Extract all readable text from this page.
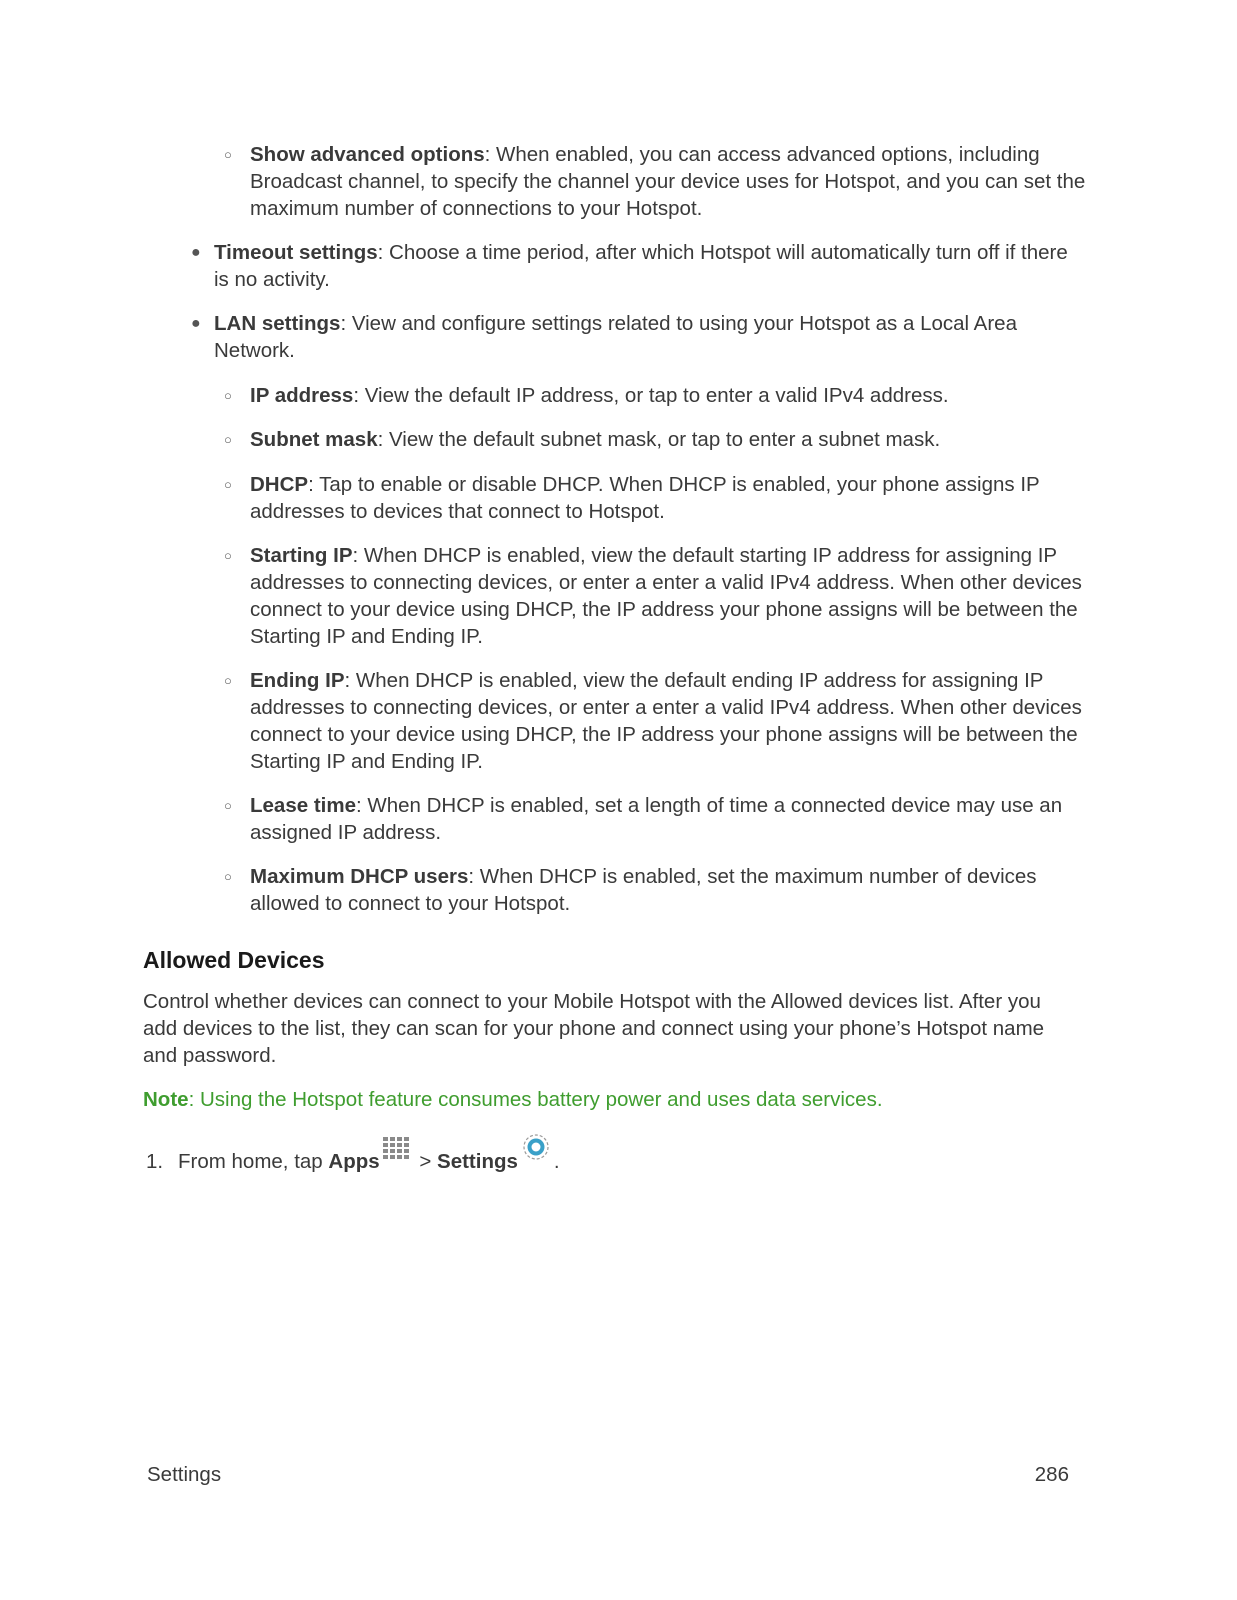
○ Show advanced options: When enabled, you can access advanced options, including Broadcast channel, to specify the channel your device uses for Hotspot, and you can set the maximum number of connections to your Hotspot.
● Timeout settings: Choose a time period, after which Hotspot will automatically turn off if there is no activity.
● LAN settings: View and configure settings related to using your Hotspot as a Local Area Network.
○ IP address: View the default IP address, or tap to enter a valid IPv4 address.
○ Subnet mask: View the default subnet mask, or tap to enter a subnet mask.
○ DHCP: Tap to enable or disable DHCP. When DHCP is enabled, your phone assigns IP addresses to devices that connect to Hotspot.
○ Starting IP: When DHCP is enabled, view the default starting IP address for assigning IP addresses to connecting devices, or enter a enter a valid IPv4 address. When other devices connect to your device using DHCP, the IP address your phone assigns will be between the Starting IP and Ending IP.
○ Ending IP: When DHCP is enabled, view the default ending IP address for assigning IP addresses to connecting devices, or enter a enter a valid IPv4 address. When other devices connect to your device using DHCP, the IP address your phone assigns will be between the Starting IP and Ending IP.
○ Lease time: When DHCP is enabled, set a length of time a connected device may use an assigned IP address.
○ Maximum DHCP users: When DHCP is enabled, set the maximum number of devices allowed to connect to your Hotspot.
Allowed Devices
Control whether devices can connect to your Mobile Hotspot with the Allowed devices list. After you add devices to the list, they can scan for your phone and connect using your phone’s Hotspot name and password.
Note: Using the Hotspot feature consumes battery power and uses data services.
1. From home, tap Apps > Settings .
Settings	286
